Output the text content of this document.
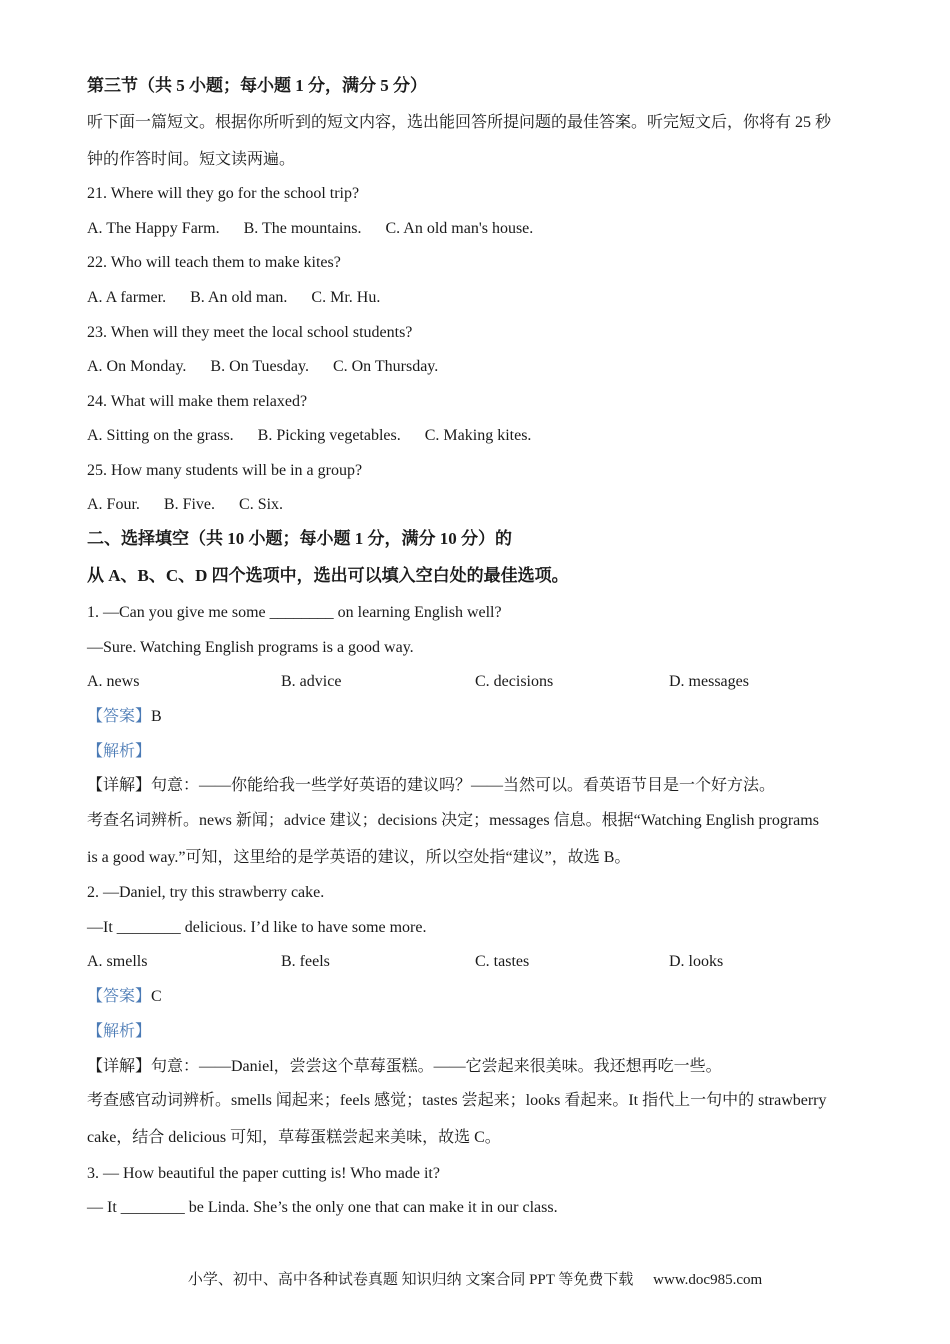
第三节（共 5 小题；每小题 1 分，满分 5 分）
听下面一篇短文。根据你所听到的短文内容，选出能回答所提问题的最佳答案。听完短文后，你将有 25 秒
钟的作答时间。短文读两遍。
21. Where will they go for the school trip?
A. The Happy Farm.      B. The mountains.      C. An old man's house.
22. Who will teach them to make kites?
A. A farmer.      B. An old man.      C. Mr. Hu.
23. When will they meet the local school students?
A. On Monday.      B. On Tuesday.      C. On Thursday.
24. What will make them relaxed?
A. Sitting on the grass.      B. Picking vegetables.      C. Making kites.
25. How many students will be in a group?
A. Four.      B. Five.      C. Six.
二、选择填空（共 10 小题；每小题 1 分，满分 10 分）的
从 A、B、C、D 四个选项中，选出可以填入空白处的最佳选项。
1. —Can you give me some ________ on learning English well?
—Sure. Watching English programs is a good way.
A. news	B. advice	C. decisions	D. messages
【答案】B
【解析】
【详解】句意：——你能给我一些学好英语的建议吗？——当然可以。看英语节目是一个好方法。
考查名词辨析。news 新闻；advice 建议；decisions 决定；messages 信息。根据“Watching English programs
is a good way.”可知，这里给的是学英语的建议，所以空处指“建议”，故选 B。
2. —Daniel, try this strawberry cake.
—It ________ delicious. I’d like to have some more.
A. smells	B. feels	C. tastes	D. looks
【答案】C
【解析】
【详解】句意：——Daniel，尝尝这个草莓蛋糕。——它尝起来很美味。我还想再吃一些。
考查感官动词辨析。smells 闻起来；feels 感觉；tastes 尝起来；looks 看起来。It 指代上一句中的 strawberry
cake，结合 delicious 可知，草莓蛋糕尝起来美味，故选 C。
3. — How beautiful the paper cutting is! Who made it?
— It ________ be Linda. She’s the only one that can make it in our class.
小学、初中、高中各种试卷真题 知识归纳 文案合同 PPT 等免费下载 www.doc985.com
